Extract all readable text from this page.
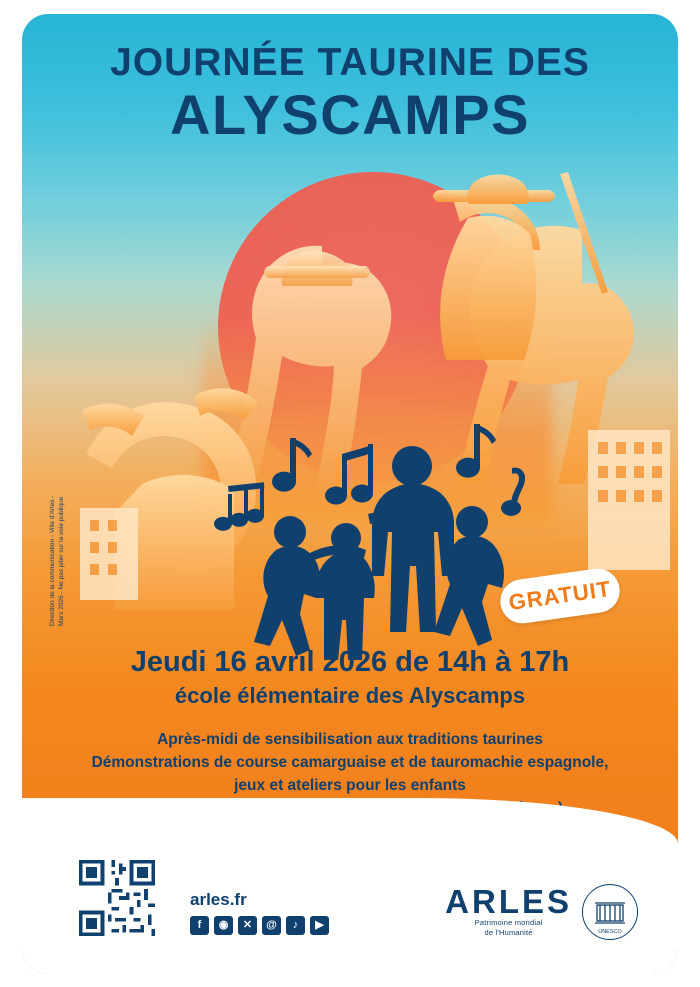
JOURNÉE TAURINE DES
ALYSCAMPS
GRATUIT
Jeudi 16 avril 2026 de 14h à 17h
école élémentaire des Alyscamps
Après-midi de sensibilisation aux traditions taurines
Démonstrations de course camarguaise et de tauromachie espagnole,
jeux et ateliers pour les enfants
Direction de la communication - Ville d'Arles - Mars 2026 - Ne pas jeter sur la voie publique
arles.fr
f	◉	✕	@	♪	▶
ARLES
Patrimoine mondial
de l'Humanité	UNESCO
